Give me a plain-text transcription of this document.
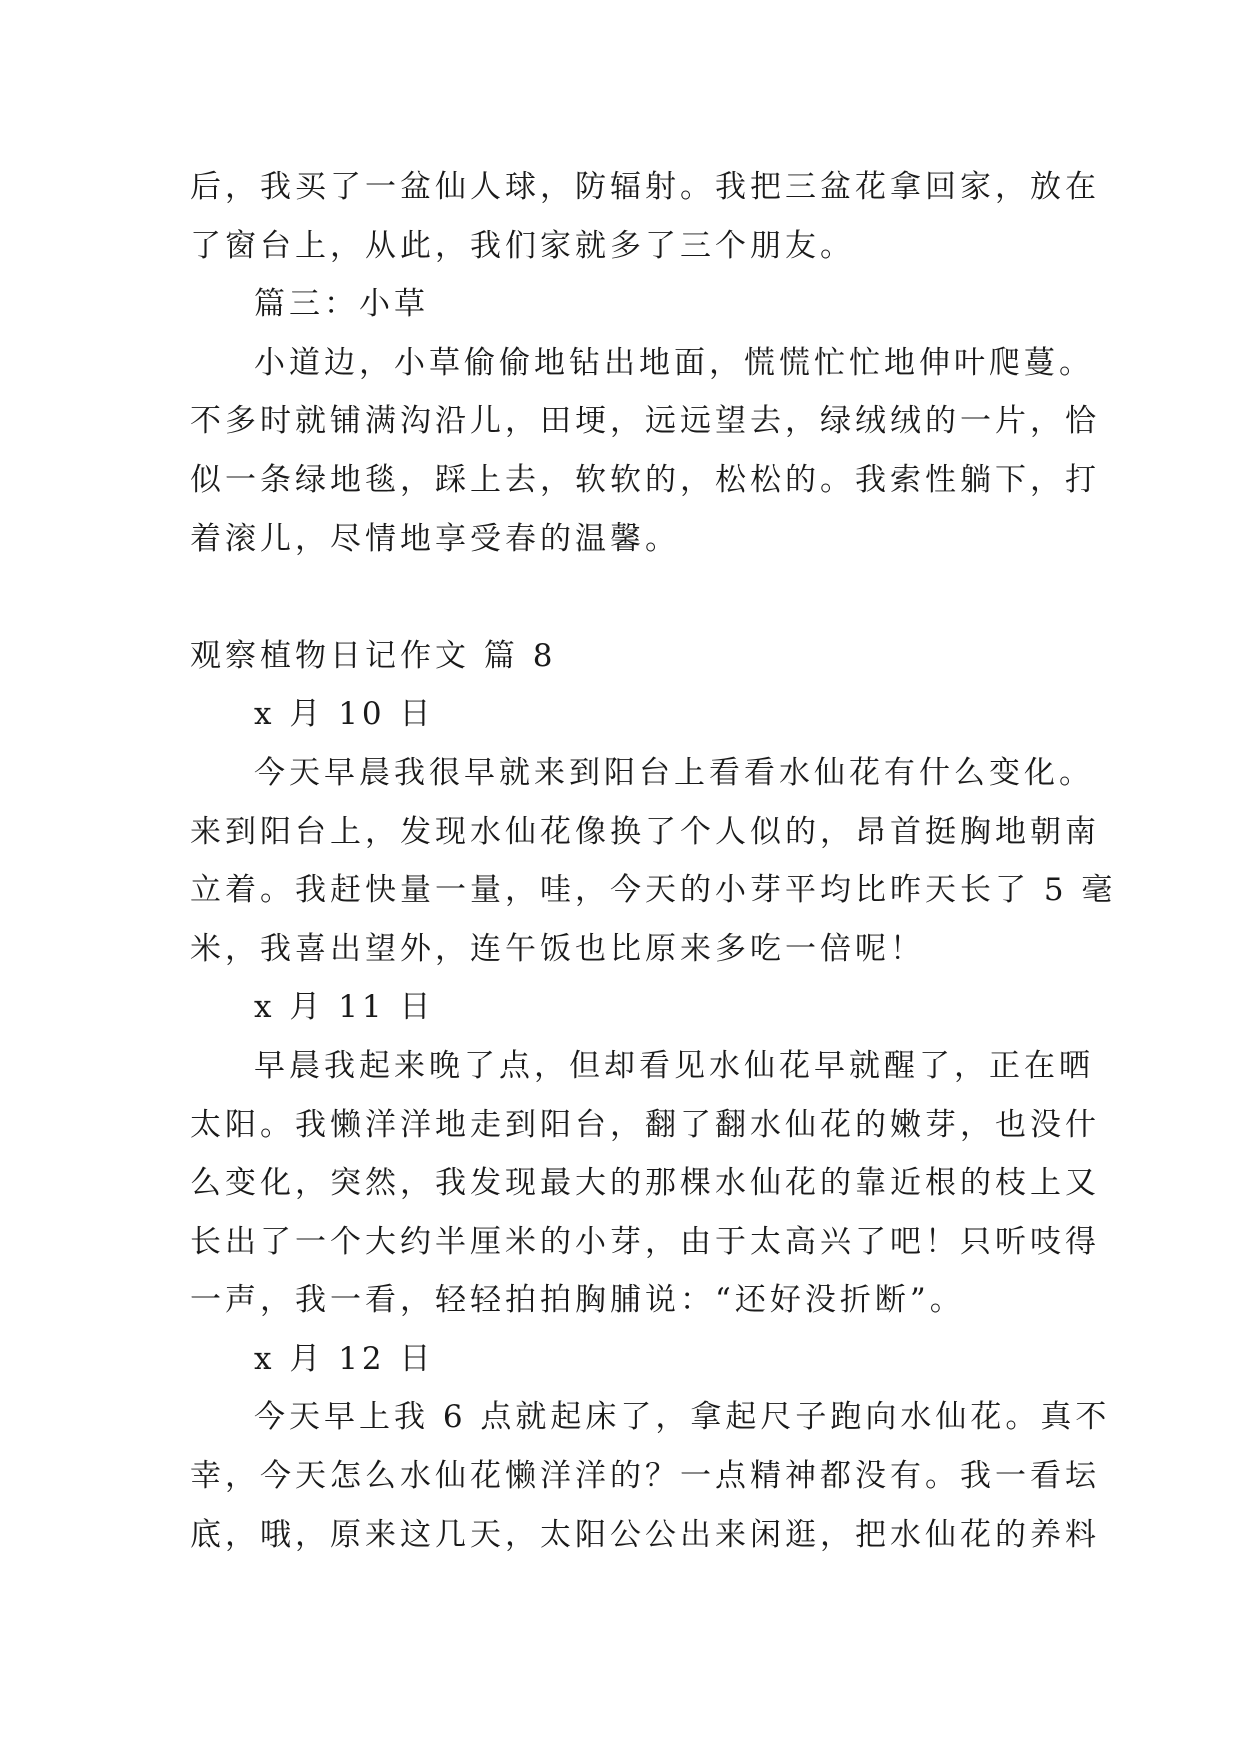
后，我买了一盆仙人球，防辐射。我把三盆花拿回家，放在

了窗台上，从此，我们家就多了三个朋友。

篇三：小草

小道边，小草偷偷地钻出地面，慌慌忙忙地伸叶爬蔓。

不多时就铺满沟沿儿，田埂，远远望去，绿绒绒的一片，恰

似一条绿地毯，踩上去，软软的，松松的。我索性躺下，打

着滚儿，尽情地享受春的温馨。

观察植物日记作文 篇 8

x 月 10 日

今天早晨我很早就来到阳台上看看水仙花有什么变化。

来到阳台上，发现水仙花像换了个人似的，昂首挺胸地朝南

立着。我赶快量一量，哇，今天的小芽平均比昨天长了 5 毫

米，我喜出望外，连午饭也比原来多吃一倍呢！

x 月 11 日

早晨我起来晚了点，但却看见水仙花早就醒了，正在晒

太阳。我懒洋洋地走到阳台，翻了翻水仙花的嫩芽，也没什

么变化，突然，我发现最大的那棵水仙花的靠近根的枝上又

长出了一个大约半厘米的小芽，由于太高兴了吧！只听吱得

一声，我一看，轻轻拍拍胸脯说：“还好没折断”。

x 月 12 日

今天早上我 6 点就起床了，拿起尺子跑向水仙花。真不

幸，今天怎么水仙花懒洋洋的？一点精神都没有。我一看坛

底，哦，原来这几天，太阳公公出来闲逛，把水仙花的养料
